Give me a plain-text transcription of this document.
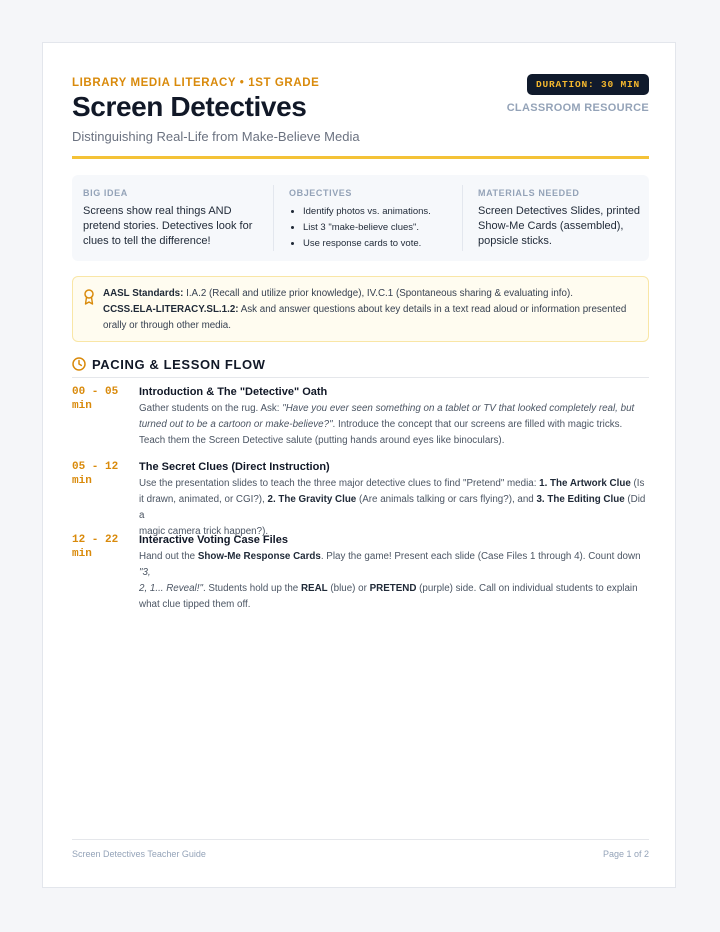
LIBRARY MEDIA LITERACY • 1ST GRADE
Screen Detectives
Distinguishing Real-Life from Make-Believe Media
DURATION: 30 MIN
CLASSROOM RESOURCE
BIG IDEA
Screens show real things AND
pretend stories. Detectives look for
clues to tell the difference!
OBJECTIVES
• Identify photos vs. animations.
• List 3 "make-believe clues".
• Use response cards to vote.
MATERIALS NEEDED
Screen Detectives Slides, printed
Show-Me Cards (assembled),
popsicle sticks.
AASL Standards: I.A.2 (Recall and utilize prior knowledge), IV.C.1 (Spontaneous sharing & evaluating info).
CCSS.ELA-LITERACY.SL.1.2: Ask and answer questions about key details in a text read aloud or information presented
orally or through other media.
PACING & LESSON FLOW
00 - 05
min
Introduction & The "Detective" Oath
Gather students on the rug. Ask: "Have you ever seen something on a tablet or TV that looked completely real, but
turned out to be a cartoon or make-believe?". Introduce the concept that our screens are filled with magic tricks.
Teach them the Screen Detective salute (putting hands around eyes like binoculars).
05 - 12
min
The Secret Clues (Direct Instruction)
Use the presentation slides to teach the three major detective clues to find "Pretend" media: 1. The Artwork Clue (Is
it drawn, animated, or CGI?), 2. The Gravity Clue (Are animals talking or cars flying?), and 3. The Editing Clue (Did a
magic camera trick happen?).
12 - 22
min
Interactive Voting Case Files
Hand out the Show-Me Response Cards. Play the game! Present each slide (Case Files 1 through 4). Count down "3,
2, 1... Reveal!". Students hold up the REAL (blue) or PRETEND (purple) side. Call on individual students to explain
what clue tipped them off.
Screen Detectives Teacher Guide	Page 1 of 2
